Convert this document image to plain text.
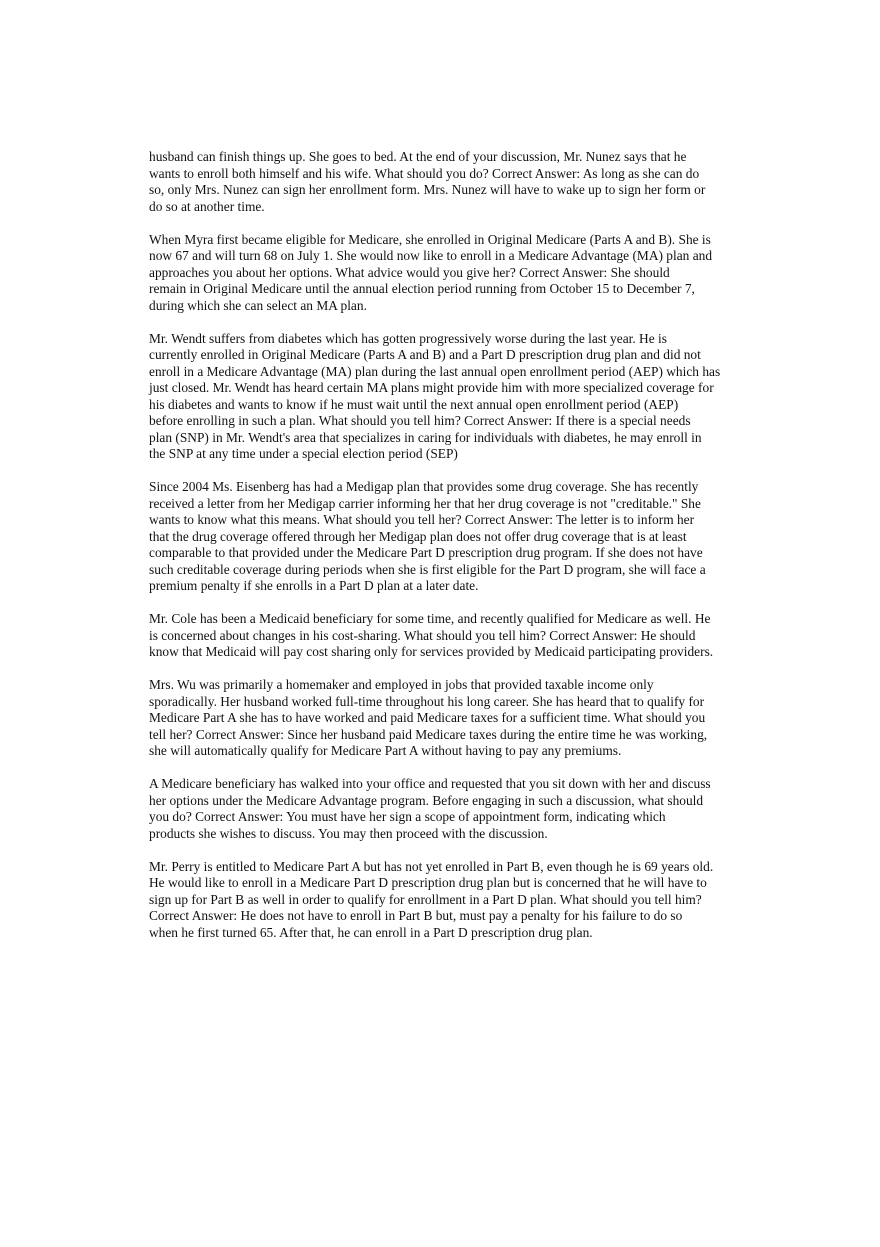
husband can finish things up. She goes to bed. At the end of your discussion, Mr. Nunez says that he
wants to enroll both himself and his wife. What should you do? Correct Answer: As long as she can do
so, only Mrs. Nunez can sign her enrollment form. Mrs. Nunez will have to wake up to sign her form or
do so at another time.

When Myra first became eligible for Medicare, she enrolled in Original Medicare (Parts A and B). She is
now 67 and will turn 68 on July 1. She would now like to enroll in a Medicare Advantage (MA) plan and
approaches you about her options. What advice would you give her? Correct Answer: She should
remain in Original Medicare until the annual election period running from October 15 to December 7,
during which she can select an MA plan.

Mr. Wendt suffers from diabetes which has gotten progressively worse during the last year. He is
currently enrolled in Original Medicare (Parts A and B) and a Part D prescription drug plan and did not
enroll in a Medicare Advantage (MA) plan during the last annual open enrollment period (AEP) which has
just closed. Mr. Wendt has heard certain MA plans might provide him with more specialized coverage for
his diabetes and wants to know if he must wait until the next annual open enrollment period (AEP)
before enrolling in such a plan. What should you tell him? Correct Answer: If there is a special needs
plan (SNP) in Mr. Wendt's area that specializes in caring for individuals with diabetes, he may enroll in
the SNP at any time under a special election period (SEP)

Since 2004 Ms. Eisenberg has had a Medigap plan that provides some drug coverage. She has recently
received a letter from her Medigap carrier informing her that her drug coverage is not "creditable." She
wants to know what this means. What should you tell her? Correct Answer: The letter is to inform her
that the drug coverage offered through her Medigap plan does not offer drug coverage that is at least
comparable to that provided under the Medicare Part D prescription drug program. If she does not have
such creditable coverage during periods when she is first eligible for the Part D program, she will face a
premium penalty if she enrolls in a Part D plan at a later date.

Mr. Cole has been a Medicaid beneficiary for some time, and recently qualified for Medicare as well. He
is concerned about changes in his cost-sharing. What should you tell him? Correct Answer: He should
know that Medicaid will pay cost sharing only for services provided by Medicaid participating providers.

Mrs. Wu was primarily a homemaker and employed in jobs that provided taxable income only
sporadically. Her husband worked full-time throughout his long career. She has heard that to qualify for
Medicare Part A she has to have worked and paid Medicare taxes for a sufficient time. What should you
tell her? Correct Answer: Since her husband paid Medicare taxes during the entire time he was working,
she will automatically qualify for Medicare Part A without having to pay any premiums.

A Medicare beneficiary has walked into your office and requested that you sit down with her and discuss
her options under the Medicare Advantage program. Before engaging in such a discussion, what should
you do? Correct Answer: You must have her sign a scope of appointment form, indicating which
products she wishes to discuss. You may then proceed with the discussion.

Mr. Perry is entitled to Medicare Part A but has not yet enrolled in Part B, even though he is 69 years old.
He would like to enroll in a Medicare Part D prescription drug plan but is concerned that he will have to
sign up for Part B as well in order to qualify for enrollment in a Part D plan. What should you tell him?
Correct Answer: He does not have to enroll in Part B but, must pay a penalty for his failure to do so
when he first turned 65. After that, he can enroll in a Part D prescription drug plan.
